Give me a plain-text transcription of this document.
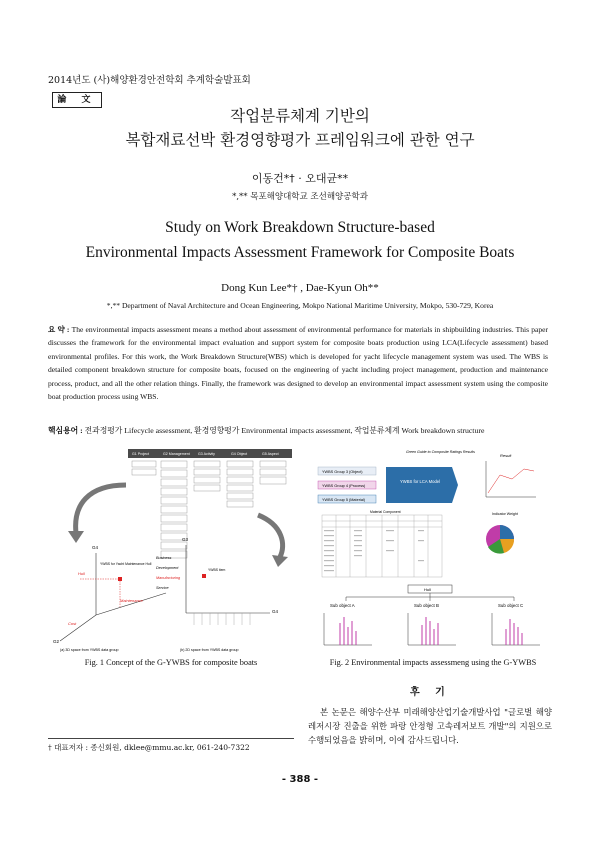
2014년도 (사)해양환경안전학회 추계학술발표회
論 文
작업분류체계 기반의
복합재료선박 환경영향평가 프레임워크에 관한 연구
이동건*† · 오대균**
*,** 목포해양대학교 조선해양공학과
Study on Work Breakdown Structure-based
Environmental Impacts Assessment Framework for Composite Boats
Dong Kun Lee*† , Dae-Kyun Oh**
*,** Department of Naval Architecture and Ocean Engineering, Mokpo National Maritime University, Mokpo, 530-729, Korea
요 약 : The environmental impacts assessment means a method about assessment of environmental performance for materials in shipbuilding industries. This paper discusses the framework for the environmental impact evaluation and support system for composite boats production using LCA(Lifecycle assessment) based environmental profiles. For this work, the Work Breakdown Structure(WBS) which is developed for yacht lifecycle management system was used. The WBS is detailed component breakdown structure for composite boats, focused on the engineering of yacht including project management, production and maintenance process, product, and all the other relation things. Finally, the framework was designed to develop an environmental impact assessment system using the composite boat production process using WBS.
핵심용어 : 전과정평가 Lifecycle assessment, 환경영향평가 Environmental impacts assessment, 작업분류체계 Work breakdown structure
G1 Project	G2 Management G3 Activity	G4 Object	G5 Aspect
G4
G2
Hull
Cost
Maintenance
YWBS for Yacht Maintenance Hull
G3
G4
Business
Development
Manufacturing
Service
YWBS item
(a) 3D space from YWBS data group	(b) 2D space from YWBS data group
Fig. 1 Concept of the G-YWBS for composite boats
Green Guide to Composite Ratings Results
Result
YWBS Group 3 (Object)
YWBS Group 4 (Process)
YWBS Group 5 (Material)
YWBS for LCA Model
Material Component	Indicator Weight
Hull
Sub object A	Sub object B	Sub object C
Fig. 2 Environmental impacts assessmeng using the G-YWBS
후 기
본 논문은 해양수산부 미래해양산업기술개발사업 "글로벌 해양레저시장 진출을 위한 파랑 안정형 고속레저보트 개발"의 지원으로 수행되었음을 밝히며, 이에 감사드립니다.
† 대표저자 : 종신회원, dklee@mmu.ac.kr, 061-240-7322
- 388 -
